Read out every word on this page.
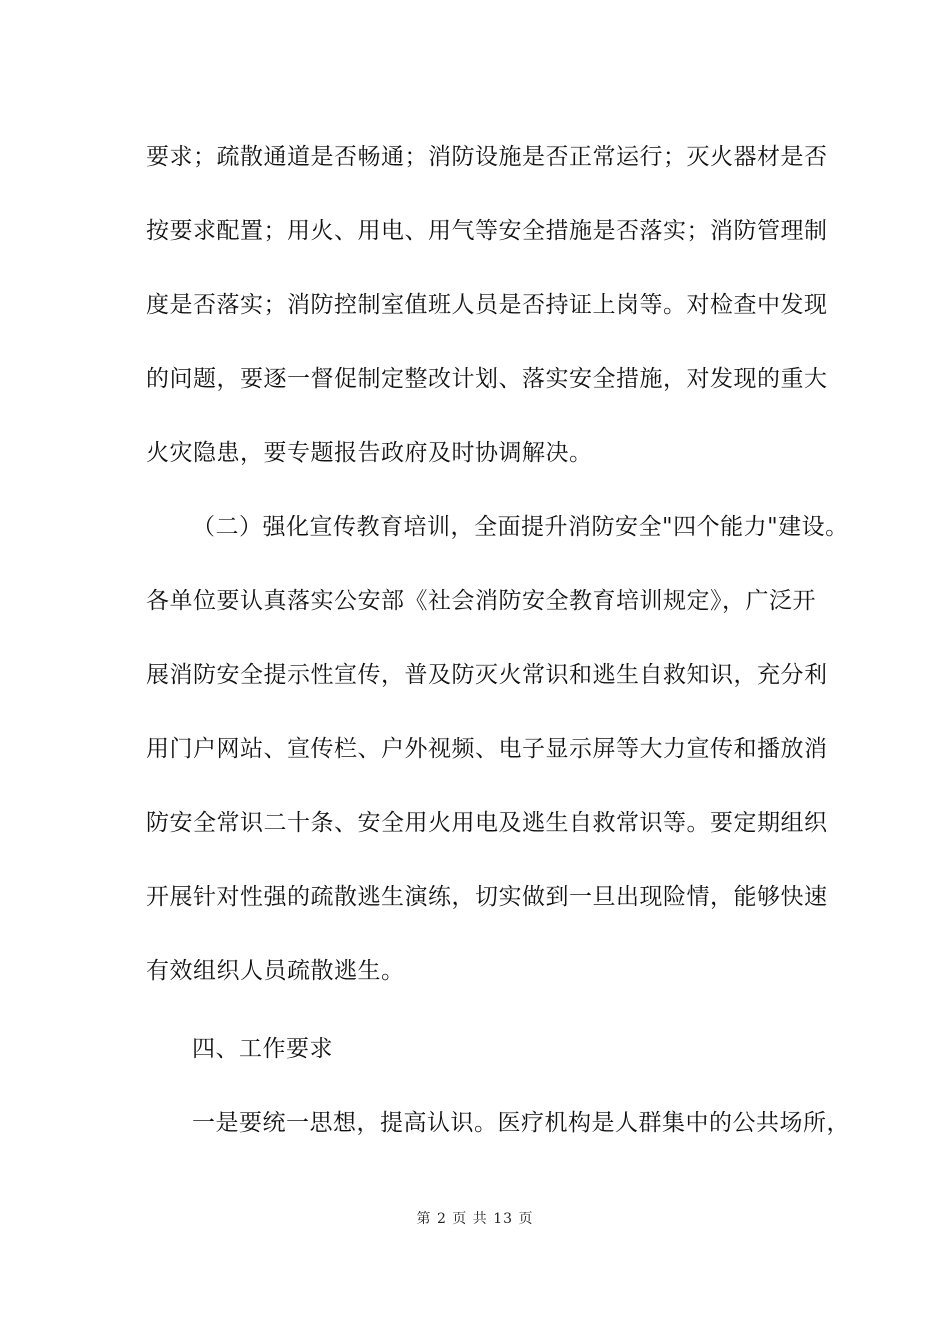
要求；疏散通道是否畅通；消防设施是否正常运行；灭火器材是否
按要求配置；用火、用电、用气等安全措施是否落实；消防管理制
度是否落实；消防控制室值班人员是否持证上岗等。对检查中发现
的问题，要逐一督促制定整改计划、落实安全措施，对发现的重大
火灾隐患，要专题报告政府及时协调解决。
（二）强化宣传教育培训，全面提升消防安全"四个能力"建设。
各单位要认真落实公安部《社会消防安全教育培训规定》，广泛开
展消防安全提示性宣传，普及防灭火常识和逃生自救知识，充分利
用门户网站、宣传栏、户外视频、电子显示屏等大力宣传和播放消
防安全常识二十条、安全用火用电及逃生自救常识等。要定期组织
开展针对性强的疏散逃生演练，切实做到一旦出现险情，能够快速
有效组织人员疏散逃生。
四、工作要求
一是要统一思想，提高认识。医疗机构是人群集中的公共场所，
第 2 页 共 13 页
